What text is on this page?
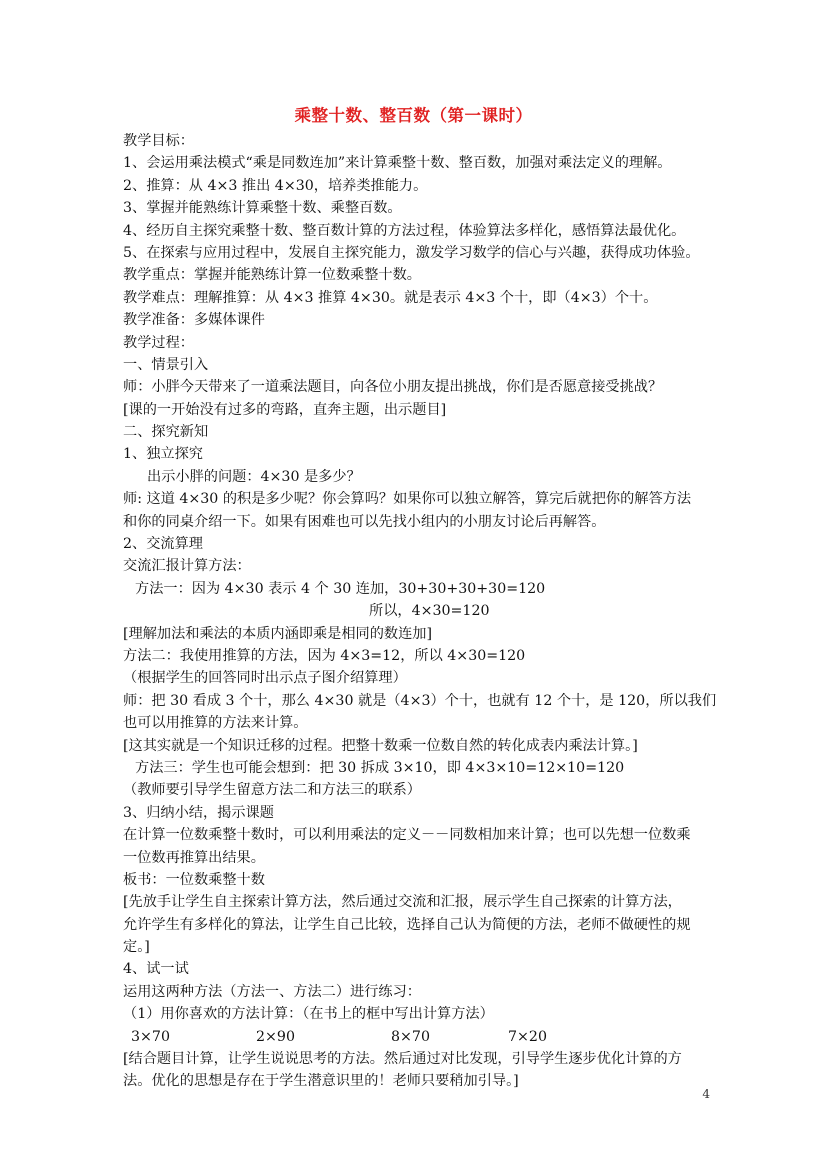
乘整十数、整百数（第一课时）
教学目标：
1、会运用乘法模式“乘是同数连加”来计算乘整十数、整百数，加强对乘法定义的理解。
2、推算：从 4×3 推出 4×30，培养类推能力。
3、掌握并能熟练计算乘整十数、乘整百数。
4、经历自主探究乘整十数、整百数计算的方法过程，体验算法多样化，感悟算法最优化。
5、在探索与应用过程中，发展自主探究能力，激发学习数学的信心与兴趣，获得成功体验。
教学重点：掌握并能熟练计算一位数乘整十数。
教学难点：理解推算：从 4×3 推算 4×30。就是表示 4×3 个十，即（4×3）个十。
教学准备：多媒体课件
教学过程：
一、情景引入
师：小胖今天带来了一道乘法题目，向各位小朋友提出挑战，你们是否愿意接受挑战？
[课的一开始没有过多的弯路，直奔主题，出示题目]
二、探究新知
1、独立探究
出示小胖的问题：4×30 是多少？
师: 这道 4×30 的积是多少呢？你会算吗？如果你可以独立解答，算完后就把你的解答方法
和你的同桌介绍一下。如果有困难也可以先找小组内的小朋友讨论后再解答。
2、交流算理
交流汇报计算方法：
方法一：因为 4×30 表示 4 个 30 连加，30+30+30+30=120
所以，4×30=120
[理解加法和乘法的本质内涵即乘是相同的数连加]
方法二：我使用推算的方法，因为 4×3=12，所以 4×30=120
（根据学生的回答同时出示点子图介绍算理）
师：把 30 看成 3 个十，那么 4×30 就是（4×3）个十，也就有 12 个十，是 120，所以我们
也可以用推算的方法来计算。
[这其实就是一个知识迁移的过程。把整十数乘一位数自然的转化成表内乘法计算。]
方法三：学生也可能会想到：把 30 拆成 3×10，即 4×3×10=12×10=120
（教师要引导学生留意方法二和方法三的联系）
3、归纳小结，揭示课题
在计算一位数乘整十数时，可以利用乘法的定义－－同数相加来计算；也可以先想一位数乘
一位数再推算出结果。
板书：一位数乘整十数
[先放手让学生自主探索计算方法，然后通过交流和汇报，展示学生自己探索的计算方法，
允许学生有多样化的算法，让学生自己比较，选择自己认为简便的方法，老师不做硬性的规
定。]
4、试一试
运用这两种方法（方法一、方法二）进行练习：
（1）用你喜欢的方法计算：（在书上的框中写出计算方法）
3×70	2×90	8×70	7×20
[结合题目计算，让学生说说思考的方法。然后通过对比发现，引导学生逐步优化计算的方
法。优化的思想是存在于学生潜意识里的！老师只要稍加引导。]
4
